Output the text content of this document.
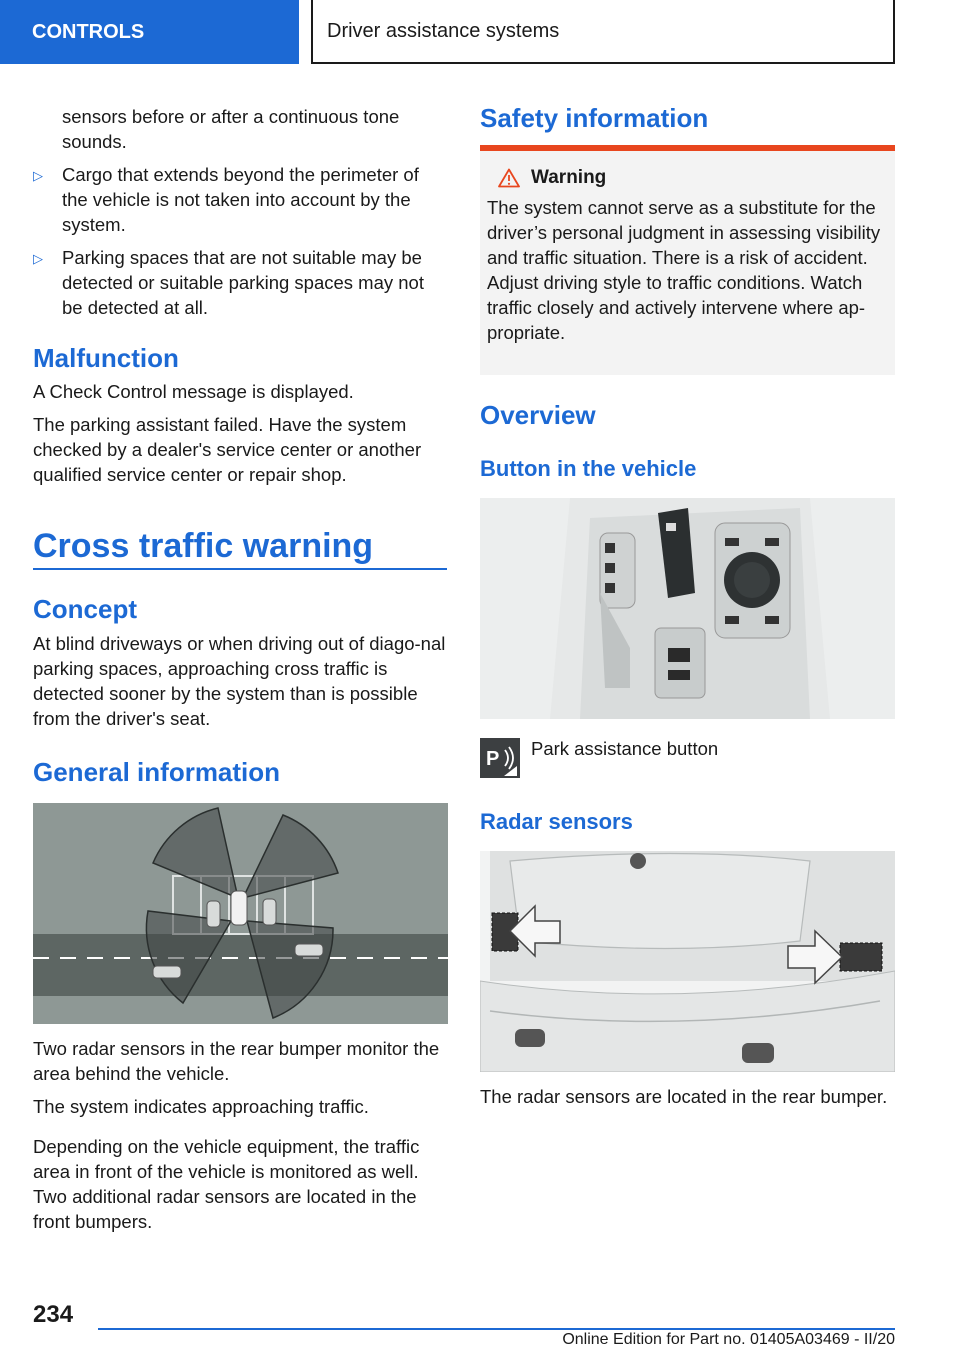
CONTROLS	Driver assistance systems
sensors before or after a continuous tone sounds.
▷ Cargo that extends beyond the perimeter of the vehicle is not taken into account by the system.
▷ Parking spaces that are not suitable may be detected or suitable parking spaces may not be detected at all.
Malfunction

A Check Control message is displayed.

The parking assistant failed. Have the system checked by a dealer's service center or another qualified service center or repair shop.

Cross traffic warning
Concept

At blind driveways or when driving out of diago-nal parking spaces, approaching cross traffic is detected sooner by the system than is possible from the driver's seat.

General information

Two radar sensors in the rear bumper monitor the area behind the vehicle.

The system indicates approaching traffic.

Depending on the vehicle equipment, the traffic area in front of the vehicle is monitored as well. Two additional radar sensors are located in the front bumpers.

Safety information
Warning
The system cannot serve as a substitute for the driver’s personal judgment in assessing visibility and traffic situation. There is a risk of accident. Adjust driving style to traffic conditions. Watch traffic closely and actively intervene where ap-propriate.
Overview
Button in the vehicle
P Park assistance button
Radar sensors
The radar sensors are located in the rear bumper.
234
Online Edition for Part no. 01405A03469 - II/20
